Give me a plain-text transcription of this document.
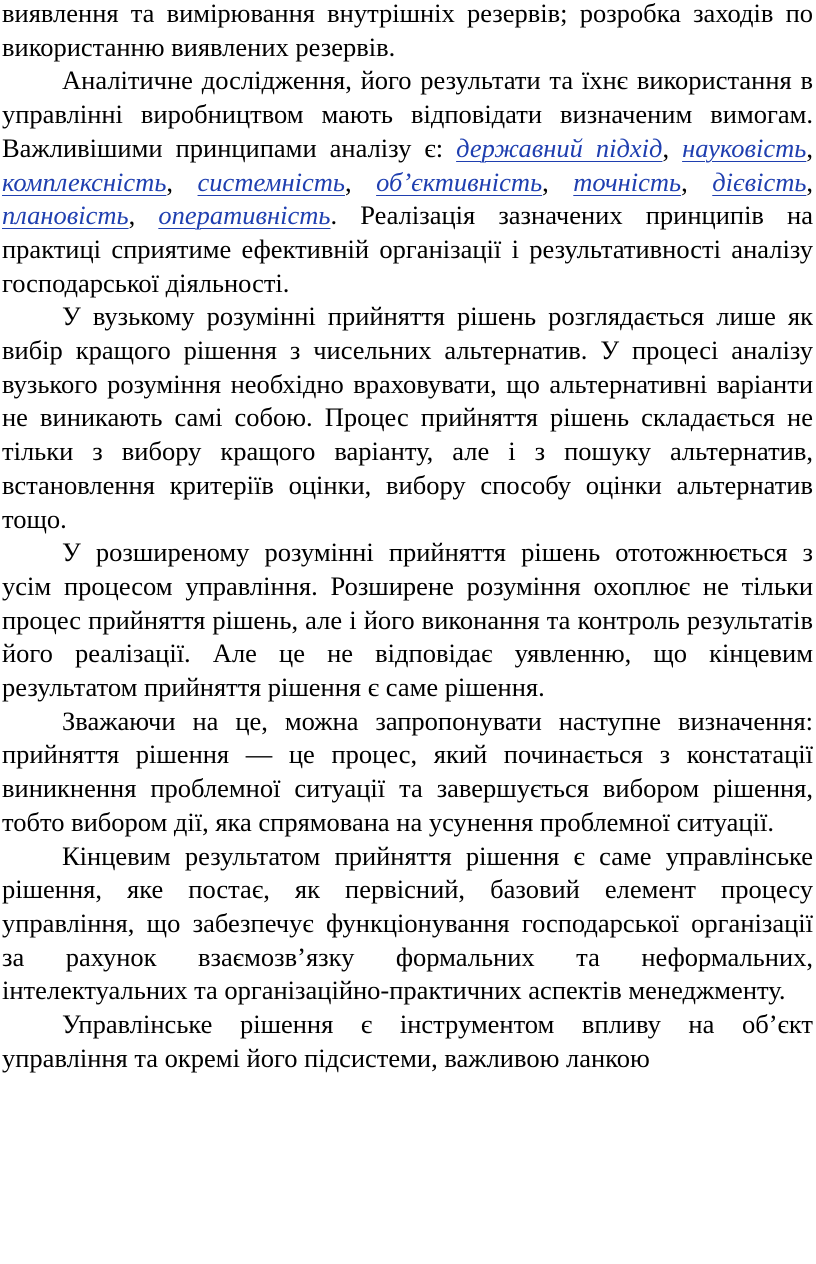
виявлення та вимірювання внутрішніх резервів; розробка заходів по використанню виявлених резервів.

Аналітичне дослідження, його результати та їхнє використання в управлінні виробництвом мають відповідати визначеним вимогам. Важливішими принципами аналізу є: державний підхід, науковість, комплексність, системність, об’єктивність, точність, дієвість, плановість, оперативність. Реалізація зазначених принципів на практиці сприятиме ефективній організації і результативності аналізу господарської діяльності.

У вузькому розумінні прийняття рішень розглядається лише як вибір кращого рішення з чисельних альтернатив. У процесі аналізу вузького розуміння необхідно враховувати, що альтернативні варіанти не виникають самі собою. Процес прийняття рішень складається не тільки з вибору кращого варіанту, але і з пошуку альтернатив, встановлення критеріїв оцінки, вибору способу оцінки альтернатив тощо.

У розширеному розумінні прийняття рішень ототожнюється з усім процесом управління. Розширене розуміння охоплює не тільки процес прийняття рішень, але і його виконання та контроль результатів його реалізації. Але це не відповідає уявленню, що кінцевим результатом прийняття рішення є саме рішення.

Зважаючи на це, можна запропонувати наступне визначення: прийняття рішення — це процес, який починається з констатації виникнення проблемної ситуації та завершується вибором рішення, тобто вибором дії, яка спрямована на усунення проблемної ситуації.

Кінцевим результатом прийняття рішення є саме управлінське рішення, яке постає, як первісний, базовий елемент процесу управління, що забезпечує функціонування господарської організації за рахунок взаємозв’язку формальних та неформальних, інтелектуальних та організаційно-практичних аспектів менеджменту.

Управлінське рішення є інструментом впливу на об’єкт управління та окремі його підсистеми, важливою ланкою
